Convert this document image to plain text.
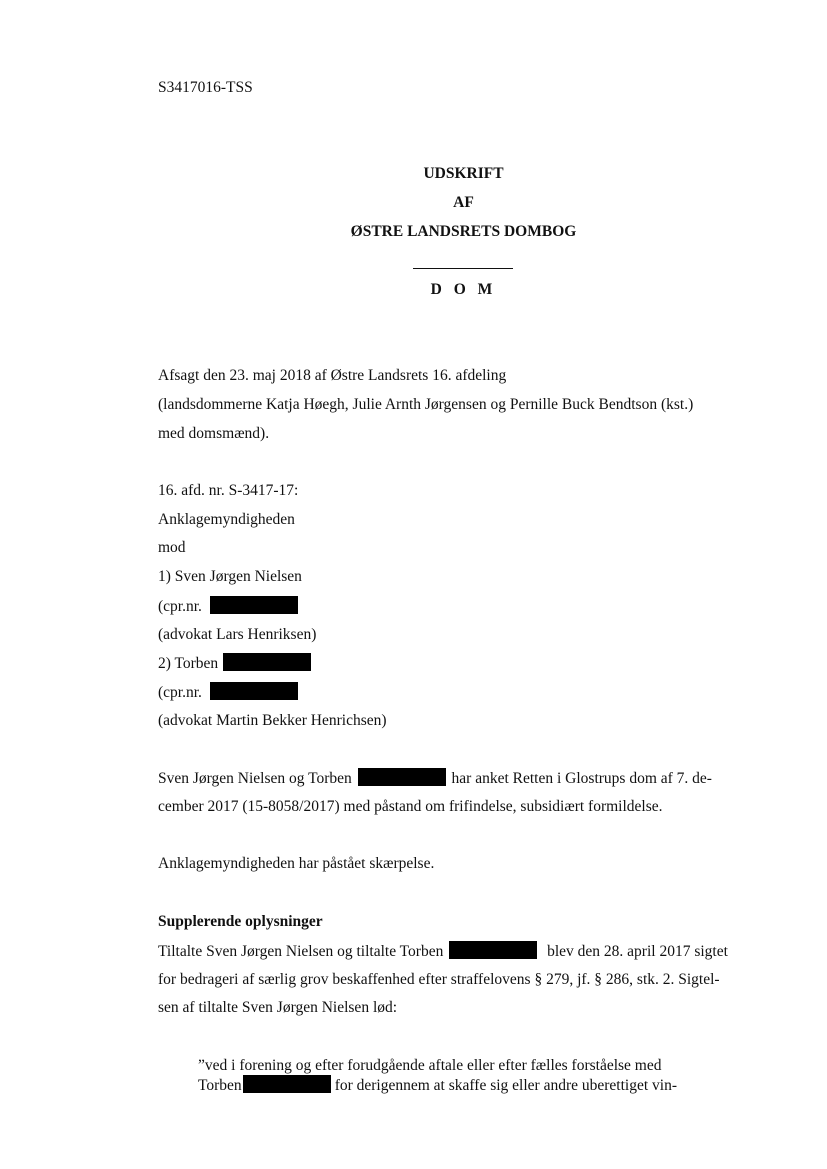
S3417016-TSS
UDSKRIFT
AF
ØSTRE LANDSRETS DOMBOG
D O M
Afsagt den 23. maj 2018 af Østre Landsrets 16. afdeling
(landsdommerne Katja Høegh, Julie Arnth Jørgensen og Pernille Buck Bendtson (kst.)
med domsmænd).
16. afd. nr. S-3417-17:
Anklagemyndigheden
mod
1) Sven Jørgen Nielsen
(cpr.nr.
(advokat Lars Henriksen)
2) Torben
(cpr.nr.
(advokat Martin Bekker Henrichsen)
Sven Jørgen Nielsen og Torben	har anket Retten i Glostrups dom af 7. de-
cember 2017 (15-8058/2017) med påstand om frifindelse, subsidiært formildelse.
Anklagemyndigheden har påstået skærpelse.
Supplerende oplysninger
Tiltalte Sven Jørgen Nielsen og tiltalte Torben	blev den 28. april 2017 sigtet
for bedrageri af særlig grov beskaffenhed efter straffelovens § 279, jf. § 286, stk. 2. Sigtel-
sen af tiltalte Sven Jørgen Nielsen lød:
”ved i forening og efter forudgående aftale eller efter fælles forståelse med
Torben	for derigennem at skaffe sig eller andre uberettiget vin-
